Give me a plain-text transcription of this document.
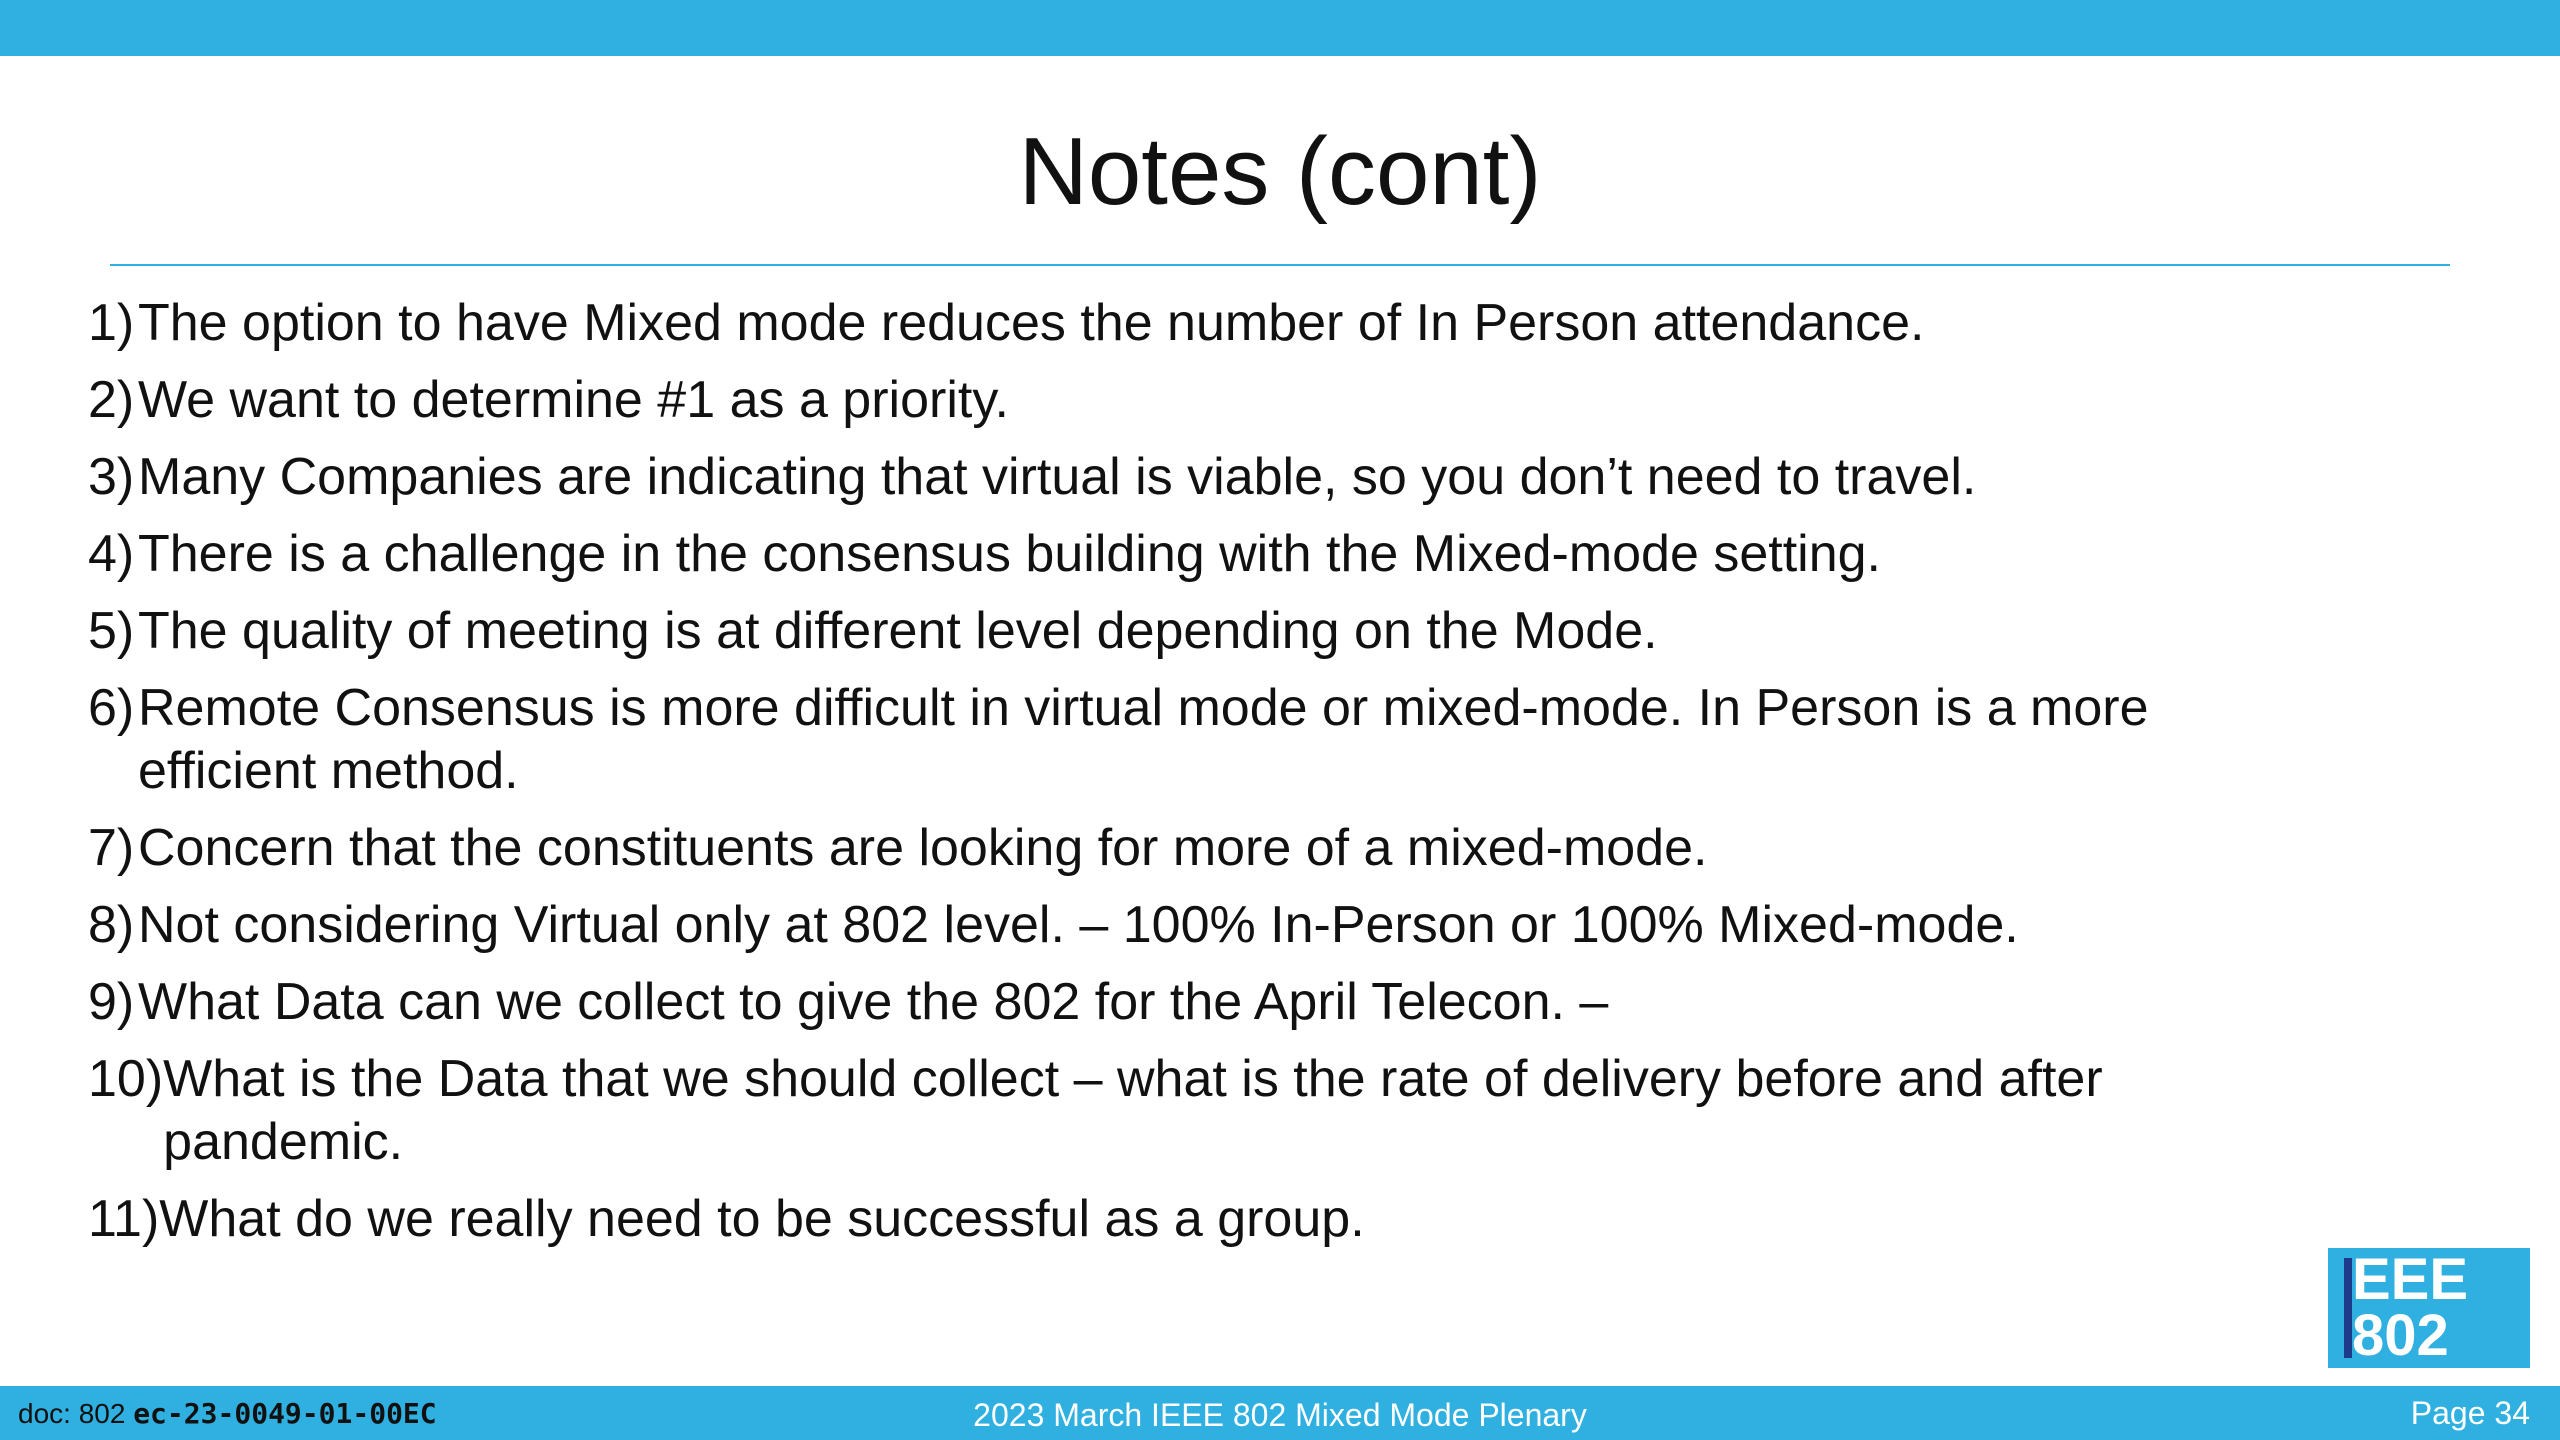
Notes (cont)
1) The option to have Mixed mode reduces the number of In Person attendance.
2) We want to determine #1 as a priority.
3) Many Companies are indicating that virtual is viable, so you don’t need to travel.
4) There is a challenge in the consensus building with the Mixed-mode setting.
5) The quality of meeting is at different level depending on the Mode.
6) Remote Consensus is more difficult in virtual mode or mixed-mode. In Person is a more efficient method.
7) Concern that the constituents are looking for more of a mixed-mode.
8) Not considering Virtual only at 802 level. – 100% In-Person or 100% Mixed-mode.
9) What Data can we collect to give the 802 for the April Telecon. –
10) What is the Data that we should collect – what is the rate of delivery before and after pandemic.
11) What do we really need to be successful as a group.
EEE
802
doc: 802 ec-23-0049-01-00EC	2023 March IEEE 802 Mixed Mode Plenary	Page 34
